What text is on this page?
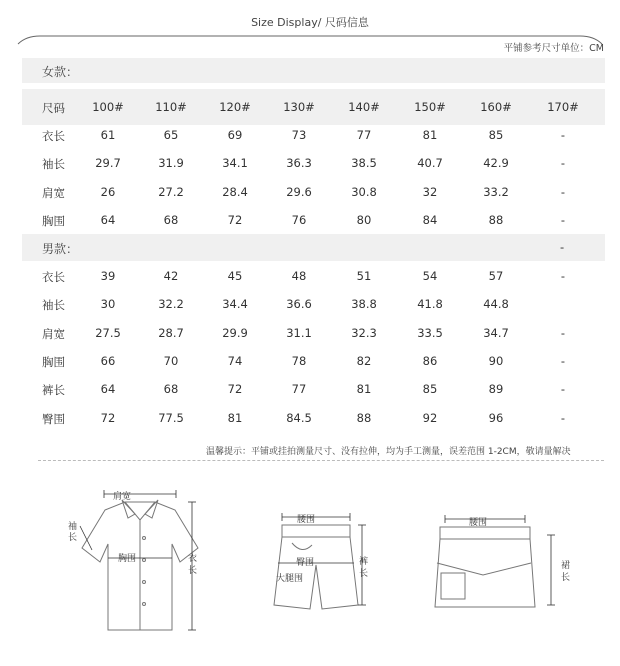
Size Display/ 尺码信息
平铺参考尺寸单位：CM
女款：
尺码	100#	110#	120#	130#	140#	150#	160#	170#
衣长	61	65	69	73	77	81	85	-
袖长	29.7	31.9	34.1	36.3	38.5	40.7	42.9	-
肩宽	26	27.2	28.4	29.6	30.8	32	33.2	-
胸围	64	68	72	76	80	84	88	-
男款：	-
衣长	39	42	45	48	51	54	57	-
袖长	30	32.2	34.4	36.6	38.8	41.8	44.8
肩宽	27.5	28.7	29.9	31.1	32.3	33.5	34.7	-
胸围	66	70	74	78	82	86	90	-
裤长	64	68	72	77	81	85	89	-
臀围	72	77.5	81	84.5	88	92	96	-
温馨提示：平铺或挂拍测量尺寸、没有拉伸，均为手工测量，误差范围 1-2CM，敬请量解决
肩宽
袖长
胸围	衣长
腰围
臀围
大腿围
裤长
腰围
裙长
